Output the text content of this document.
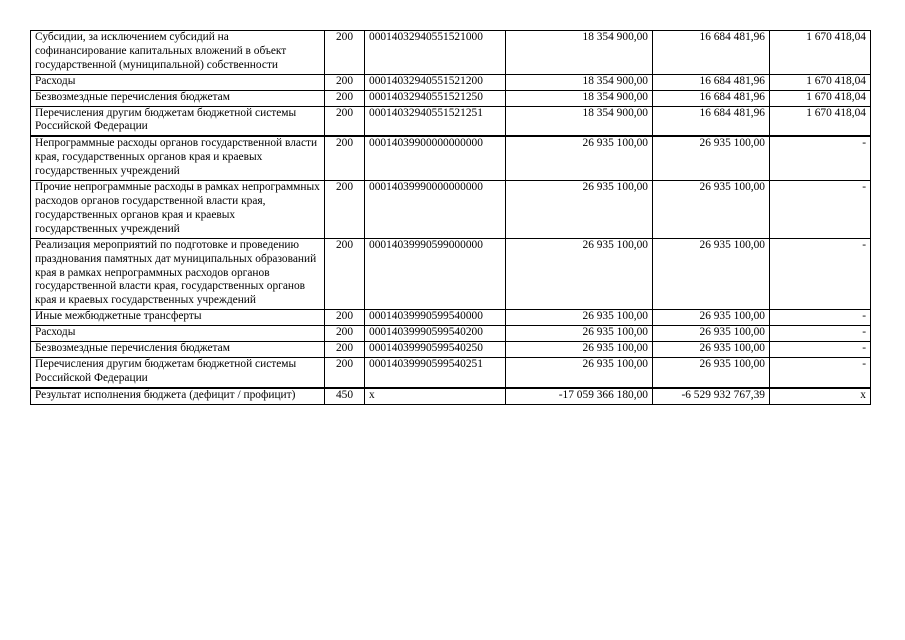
Субсидии, за исключением субсидий на софинансирование капитальных вложений в объект государственной (муниципальной) собственности	200	00014032940551521000	18 354 900,00	16 684 481,96	1 670 418,04
Расходы	200	00014032940551521200	18 354 900,00	16 684 481,96	1 670 418,04
Безвозмездные перечисления бюджетам	200	00014032940551521250	18 354 900,00	16 684 481,96	1 670 418,04
Перечисления другим бюджетам бюджетной системы Российской Федерации	200	00014032940551521251	18 354 900,00	16 684 481,96	1 670 418,04
Непрограммные расходы органов государственной власти края, государственных органов края и краевых государственных учреждений	200	00014039900000000000	26 935 100,00	26 935 100,00	-
Прочие непрограммные расходы в рамках непрограммных расходов органов государственной власти края, государственных органов края и краевых государственных учреждений	200	00014039990000000000	26 935 100,00	26 935 100,00	-
Реализация мероприятий по подготовке и проведению празднования памятных дат муниципальных образований края в рамках непрограммных расходов органов государственной власти края, государственных органов края и краевых государственных учреждений	200	00014039990599000000	26 935 100,00	26 935 100,00	-
Иные межбюджетные трансферты	200	00014039990599540000	26 935 100,00	26 935 100,00	-
Расходы	200	00014039990599540200	26 935 100,00	26 935 100,00	-
Безвозмездные перечисления бюджетам	200	00014039990599540250	26 935 100,00	26 935 100,00	-
Перечисления другим бюджетам бюджетной системы Российской Федерации	200	00014039990599540251	26 935 100,00	26 935 100,00	-
Результат исполнения бюджета (дефицит / профицит)	450	x	-17 059 366 180,00	-6 529 932 767,39	x
